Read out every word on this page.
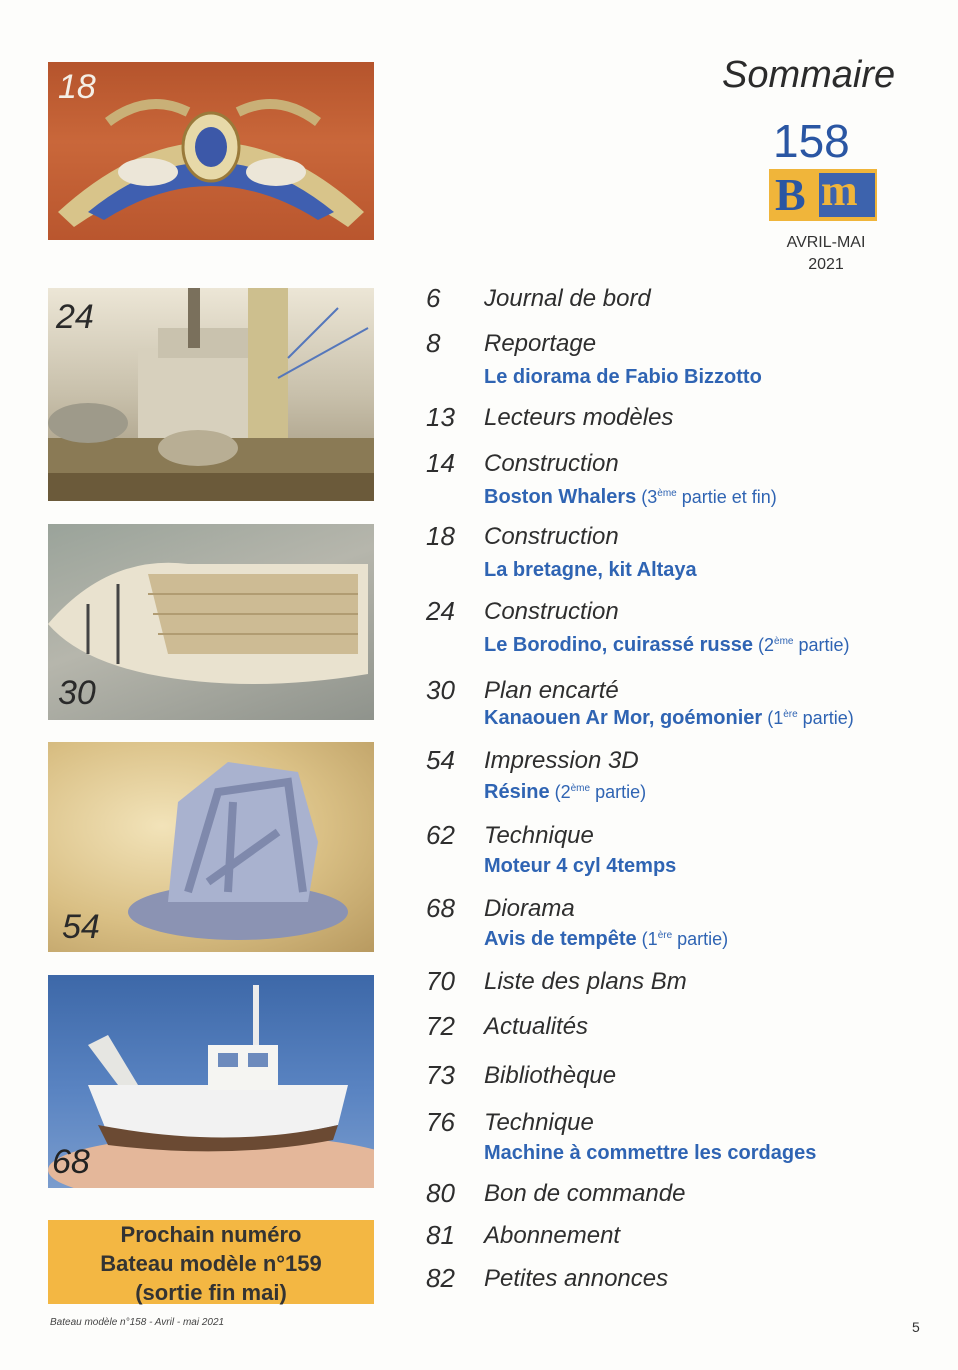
18
24
30
54
68
Prochain numéro
Bateau modèle n°159
(sortie fin mai)
Bateau modèle n°158 - Avril - mai 2021	5
Sommaire
158
B m
AVRIL-MAI
2021
6 Journal de bord
8 Reportage
Le diorama de Fabio Bizzotto
13 Lecteurs modèles
14 Construction
Boston Whalers (3ème partie et fin)
18 Construction
La bretagne, kit Altaya
24 Construction
Le Borodino, cuirassé russe (2ème partie)
30 Plan encarté
Kanaouen Ar Mor, goémonier (1ère partie)
54 Impression 3D
Résine (2ème partie)
62 Technique
Moteur 4 cyl 4temps
68 Diorama
Avis de tempête (1ère partie)
70 Liste des plans Bm
72 Actualités
73 Bibliothèque
76 Technique
Machine à commettre les cordages
80 Bon de commande
81 Abonnement
82 Petites annonces
